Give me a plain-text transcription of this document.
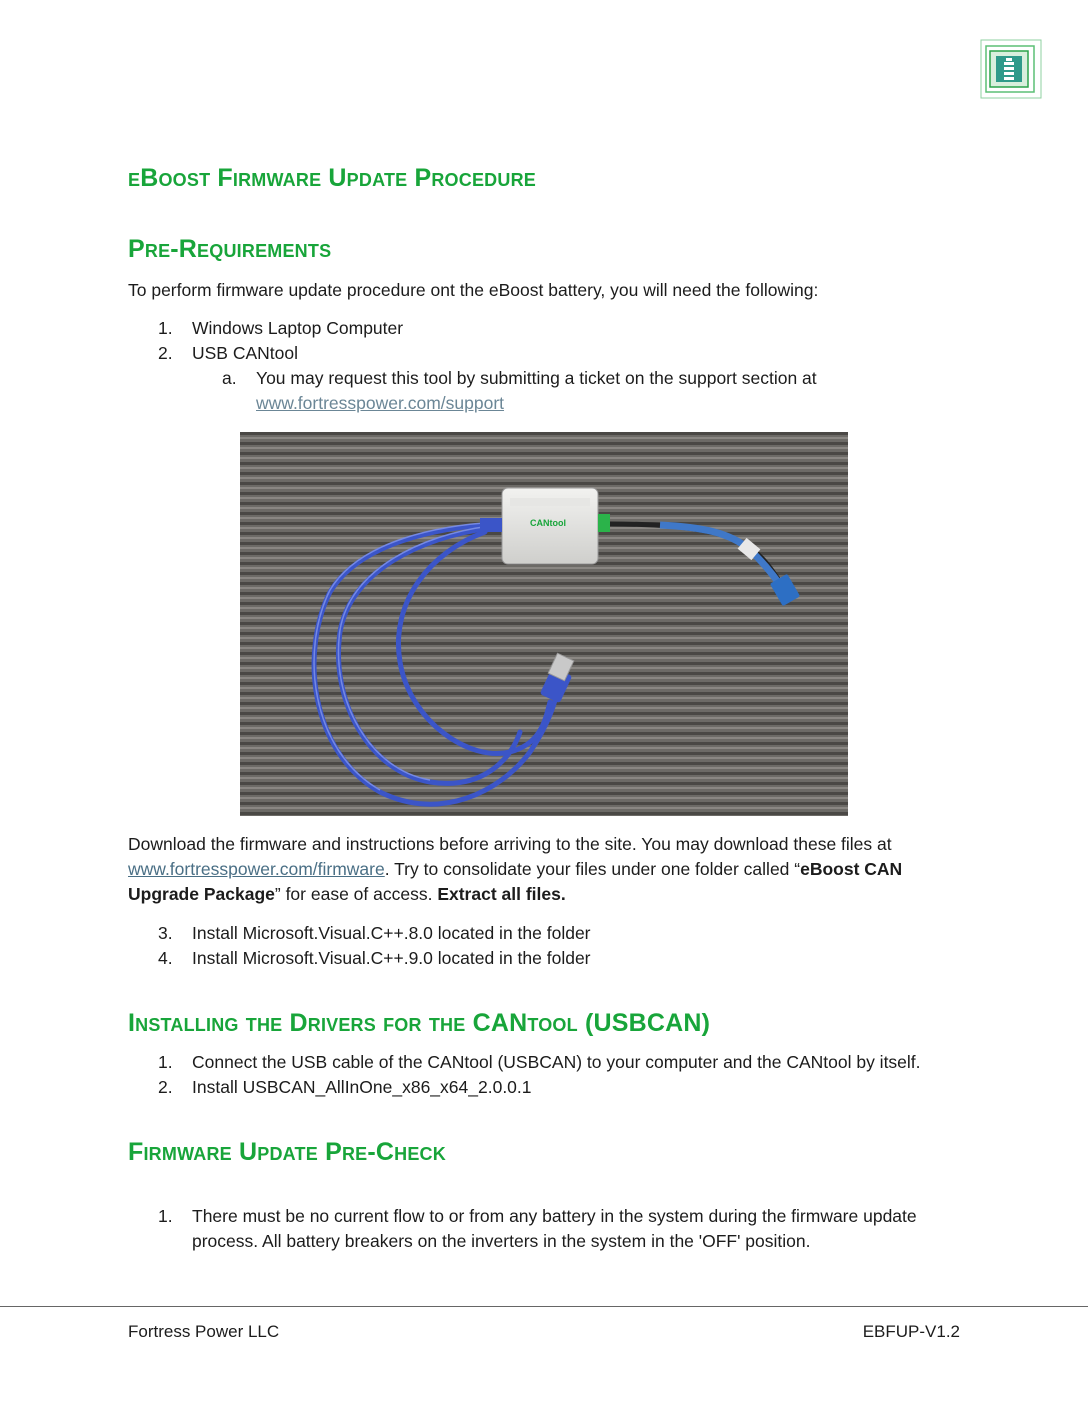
eBoost Firmware Update Procedure
Pre-Requirements

To perform firmware update procedure ont the eBoost battery, you will need the following:

1.	Windows Laptop Computer
2.	USB CANtool
a. You may request this tool by submitting a ticket on the support section at
www.fortresspower.com/support
CANtool

Download the firmware and instructions before arriving to the site. You may download these files at www.fortresspower.com/firmware. Try to consolidate your files under one folder called “eBoost CAN Upgrade Package” for ease of access. Extract all files.

3.	Install Microsoft.Visual.C++.8.0 located in the folder
4.	Install Microsoft.Visual.C++.9.0 located in the folder
Installing the Drivers for the CANtool (USBCAN)
1.	Connect the USB cable of the CANtool (USBCAN) to your computer and the CANtool by itself.
2.	Install USBCAN_AllInOne_x86_x64_2.0.0.1
Firmware Update Pre-Check
1.	There must be no current flow to or from any battery in the system during the firmware update process. All battery breakers on the inverters in the system in the 'OFF' position.
Fortress Power LLC	EBFUP-V1.2
